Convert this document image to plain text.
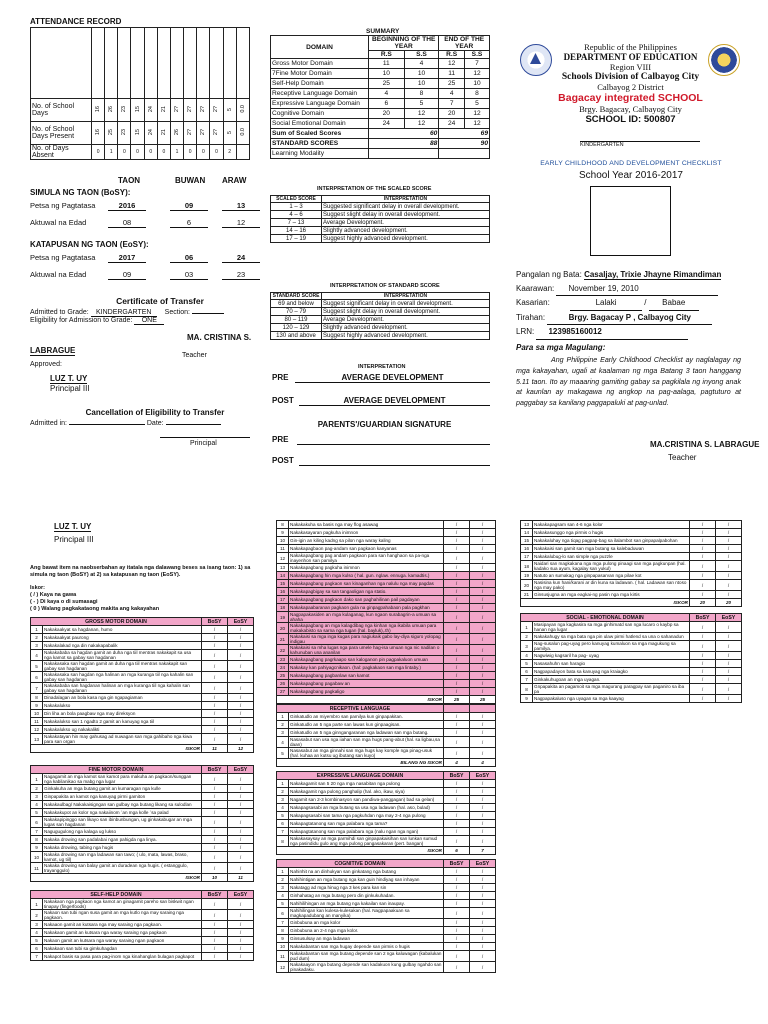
ATTENDANCE RECORD

No. of School Days	16	26	23	15	24	21	2?	2?	2?	2?	5	0.0
No. of School Days Present	16	25	23	15	24	21	26	2?	2?	2?	5	0.0
No. of Days Absent	0	1	0	0	0	0	1	0	0	0	2	
TAON	BUWAN ARAW
SIMULA NG TAON (BoSY):
Petsa ng Pagtatasa	2016	09	13
Aktuwal na Edad	08	6	12
KATAPUSAN NG TAON (EoSY):
Petsa ng Pagtatasa	2017	06	24
Aktuwal na Edad	09	03	23
Certificate of Transfer
Admitted to Grade: KINDERGARTEN Section:
Eligibility for Admission to Grade: ONE
MA. CRISTINA S.
LABRAGUE
Teacher
Approved:
LUZ T. UY
Principal III
Cancellation of Eligibility to Transfer
Admitted in:	Date:
Principal
SUMMARY
DOMAIN	BEGINNING OF THE YEAR		END OF THE YEAR	
	R.S	S.S	R.S	S.S
Gross Motor Domain	11	4	12	7
7Fine Motor Domain	10	10	11	12
Self-Help Domain	25	10	25	10
Receptive Language Domain	4	8	4	8
Expressive Language Domain	6	5	7	5
Cognitive Domain	20	12	20	12
Social Emotional Domain	24	12	24	12
Sum of Scaled Scores	60		69	
STANDARD SCORES	88		90	
Learning Modality				
INTERPRETATION OF THE SCALED SCORE
SCALED SCORE	INTERPRETATION
1 – 3	Suggested significant delay in overall development.
4 – 6	Suggest slight delay in overall development.
7 – 13	Average Development.
14 – 16	Slightly advanced development.
17 – 19	Suggest highly advanced development.
INTERPRETATION OF STANDARD SCORE
STANDARD SCORE	INTERPRETATION
69 and below	Suggest significant delay in overall development.
70 – 79	Suggest slight delay in overall development.
80 – 119	Average Development.
120 – 129	Slightly advanced development.
130 and above	Suggest highly advanced development.
INTERPRETATION
PRE	AVERAGE DEVELOPMENT
POST	AVERAGE DEVELOPMENT
PARENTS'/GUARDIAN SIGNATURE
PRE
POST
Republic of the Philippines
DEPARTMENT OF EDUCATION
Region VIII
Schools Division of Calbayog City
Calbayog 2 District
Bagacay integrated SCHOOL
Brgy. Bagacay, Calbayog City
SCHOOL ID: 500807
KINDERGARTEN
EARLY CHILDHOOD AND DEVELOPMENT CHECKLIST
School Year 2016-2017
Pangalan ng Bata: Casaljay, Trixie Jhayne Rimandiman
Kaarawan: November 19, 2010
Kasarian:	Lalaki	/ Babae
Tirahan:	Brgy. Bagacay P , Calbayog City
LRN: 123985160012
Para sa mga Magulang:
Ang Philippine Early Childhood Checklist ay naglalagay ng mga kakayahan, ugali at kaalaman ng mga Batang 3 taon hanggang 5.11 taon. Ito ay maaaring gamiting gabay sa pagkilala ng inyong anak at kaunlan ay makagawa ng angkop na pag-aalaga, pagtuturo at paggabay sa kanilang paggapaluki at pag-unlad.
MA.CRISTINA S. LABRAGUE
Teacher
LUZ T. UY
Principal III
Ang bawat item na naobserbahan ay itatala nga dalawang beses sa isang taon: 1) sa simula ng taon (BoSY) at 2) sa katapusan ng taon (EoSY).
Iskor:
( / ) Kaya na gawa
( - ) Di kaya o di sumasagi
( 0 ) Walang pagkakataong makita ang kakayahan
GROSS MOTOR DOMAIN		BoSY	EoSY
1	Nakakaakyat sa hagdanan, humo	/	/
2	Nakakaakyat paurong	/	/
3	Nakakalakad nga din nakakapabalik	/	/
4	Nakakababa sa hagdan gamit an duha nga tiil mentras nakakapit sa usa nga kamot sa gabay san hagdanan	/	/
5	Nakakasaka san hagdan gamit an duha nga tiil mentras nakakapit san gabay san hagdanan	/	/
6	Nakakasaka san hagdan nga halinan an mga kuranga tiil nga kahalin san gabay san hagdanan	/	/
7	Nakakababa san hagdanan halinan an mga kuranga tiil nga kahalin san gabay san hagdanan	/	/
8	Dinadalagan an bola kasa nga gin ngapagiaman	/	/
9	Nakakalukso	/	/
10	Din liha an bola paagbaw nga may direksyon	/	/
11	Nakakalukso san 1 ngadto 2 gamit an kanuyag nga tiil	/	/
12	Nakakalukso ug nakakalikti	/	/
13	Nakakatayan hin may gahusag ad nuwagan san mga gahibaho nga kiwa para san organ	/	/
ISKOR		11	12
FINE MOTOR DOMAIN		BoSY	EoSY
1	Nagagamit an mga kamot san kamot para makuha an pagkaon/sunggan nga kabilanikao sa mabg nga lugar	/	/
2	Ginkakuha an mga butang gamit an kumaragan nga kulle	/	/
3	Ginpapakita an kamot nga kanuyag pirmi gamiton	/	/
4	Nakakaulbag/ Nakakaisigngan san gulbay nga butang likang sa sulodlan	/	/
5	Nakakakupot an kolor nga nakaiinom ´an mga kolle ´sa palad	/	/
6	Nakakapipinggo san likayo san ibinbunbungan, ug ginkakabugar an mga lugas san hagdanan	/	/
7	Nagugugulong nga kalaga ug lukso	/	/
8	Nakaka drowing san padalabai ngan pahigda nga linya.	/	/
9	Nakaka drowing, tabing nga hugis	/	/
10	Nakaka drowing san mga ladawan san tawo; ( ulo, mata, lawas, braso, kamot, ug tiil)	/	/
11	Nakaka drowing san balay gamit an duradean nga hugis. ( estanggulo, trayanggulo)	/	/
ISKOR		10	11
SELF-HELP DOMAIN		BoSY	EoSY
1	Nakakaon nga pagkaon nga kamot an ginagamit pareho san biskwit ngan tinapay (fingerfoods)	/	/
2	Nakaon san tubi ngan susa gamit an mga kutlo nga may saraing nga pagkaon.	/	/
3	Nakaaon gamit an kutsara nga may saraing nga pagkaon.	/	/
4	Nakakaon gamit an kutsara nga waray saraing nga pagkaon	/	/
5	Nakaon gamit an kutsara nga waray saraing ngan pagkaon	/	/
6	Nakakaon san tubi sa gimkuhagdan	/	/
7	Nakapot basis sa pasa para pag-inom nga kinahanglan bulagan pagkapot	/	/
8	Nakakakuha sa basis nga may flog asawag	/	/
9	Nakakasayaran pagkuha inimnon	/	/
10	Gin-igin an kiling kadng sa pilon nga waray kaling	/	/
11	Nakakapagbaon pag-andam san pagkaon kanyanas	/	/
12	Nakakapagbang pag andam pagkaon para san hanghaon sa pa-nga inayenhon san pamilya	/	/
13	Nakakapagbang pagkuha inimnon	/	/
14	Nakakapagbang hin mga kulso ( hal. gun. nglaw. ennuga. kamadtis.)	/	/
15	Nakakapagbang pagkaon san kinaganhan nga nalulu nga may pagdas	/	/
16	Nakakapagbigay sa san tangaoligan nga statio.	/	/
17	Nakakapagbang pagkaon dako san paghahilinan pail pagdayan	/	/
18	Nakakapaabaranan pagkaon gula na ginpagpahabaon pala pagkhan	/	/
19	Nagpapakasiden an mga kulaganag, kun ngaon surabagrin-a umuan sa ahaha	/	/
20	Nakakapagbang an mga kalagdibag nga kinhan nga ikabila umuan para makakabisto sa sarna nga tugan (hal. bayluk),.th)	/	/
21	Nakakaisi sa mga inga kugas para nagiukaik gabo lay-diya siguro yolopag indigau	/	/
22	Nakakaisi sa mha lugas nga para umele hag-isa umuan nga nic nadilan o kahunuban una ananilan	/	/
23	Nakakapagbang pagrkaapo san kaloganon pin pagpakaluon umuan	/	/
24	Nakakay kan pahiyagcnikaon. (hal: pagkakaon san mga lintaby.)	/	/
25	Nakakapagbang pagbanlaw san kamot	/	/
26	Nakakapagbang pagabaw an	/	/
27	Nakakapagbang pagkaligo	/	/
ISKOR		25	25
RECEPTIVE LANGUAGE			
1	Ginkatudlo an miyembro san pamilya kun ginpapakitan.	/	/
2	Ginkatudlo an 5 nga parte san lawas kun ginpaagisan.	/	/
3	Ginkatudlo an 5 nga ginngangaranan nga ladawan san mga butang.	/	/
4	Nasasabut san usa nga iiahan san mga hugs pang-abut (hal. sa ligbau,sa daan)	/	/
5	Nasasabut an mga ginnahi san mga hugs kay komple nga pinag-usuk (hal. kuhaa an kutsu ug ibutang san kuyo)	/	/
BILANG NG ISKOR		4	4
EXPRESSIVE LANGUAGE DOMAIN		BoSY	EoSY
1	Nakakagamit san 5 20 nga mga nasabitan nga pulong	/	/
2	Nakakagamit nga pulong panghalip (hal. ako, ikaw, siya)	/	/
3	Nagamit san 2-3 kombinasyon san pandiwa-panggagan) bad sa gelan)	/	/
4	Nakapagsasabi an mga butang sa usa nga ladawan (hal. aso, bulad)	/	/
5	Nakapagsasabi san tama nga pagkuhdan nga may 2-4 nga pulong	/	/
6	Nakapagtatanong san mga palabara nga tama?	/	/
7	Nakapagtatanong san mga palabara nga (nalu ngan nga ngan)	/	/
8	Nakakasaysay an mga parmihdi san ginpapakaisihan san lunkan sumud nga pasindidu gulo ang mga pulong pangasakaran (pert. bangan)	/	/
ISKOR		6	7
COGNITIVE DOMAIN		BoSY	EoSY
1	Nahinhit na an dinhukyan san ginkatang nga butang	/	/
2	Nahihintigan an mga butang nga kan guin hindiyag san inhayan	/	/
3	Nakatagg ad mga hinug nga 3 kes para kan sin	/	/
4	Ginhahatag an mga butang pero din ginkukuhadan.	/	/
5	Nahihilihingan an mga butang nga kakailan san inaupay.	/	/
6	Nahihilingan kan kulesa-kulesakan (hal. Nagpapaakuan sa magkapadubang an manyika)	/	/
7	Ginbubuna an mga kolor	/	/
8	Ginbubuna an 2-4 nga mga kolor.	/	/
9	Ginsusulsay an mga ladawan	/	/
10	Nakakabantan san mga hugay depende san pirmis o hugis	/	/
11	Nakakabantan san mga butang depende san 2 nga kaluwagan (kabalukan pud dum)	/	/
12	Nakakaayon mga butang depende san kadakuon kung gulbay ngahdo san pinakadaku.	/	/
13	Nakakapagsam san 4-6 nga kolor	/	/
14	Nakakasunggo nga pirmis o hugis	/	/
15	Nakakaluhay nga tiqag pagpap-bag sa ilalambot san ginpapalpabohan	/	/
16	Nakakaisi san gamit san mga butang sa kalebaduwan	/	/
17	Nakakalubug-lo san simple nga puzzle	/	/
18	Naidari san magkakana nga mga pulong pinaagi san mga pagkunpan (hal. kadako sua ayum, kagalay san yukul)	/	/
19	Natuto an sumakag nga ginpapasarvan nga pilae kot	/	/
20	Nasisina kun hani/karani ar din kuna sa ladawan. ( hal. Ladawan san ntoso nga may pako)	/	/
21	Ginsusjugna an mga eagkai-ng pasin nga mga kirtis	/	/
ISKOR		20	20
SOCIAL - EMOTIONAL DOMAIN		BoSY	EoSY
1	Masipayan nga kagkasira sa mga ginhimatd san nga lucaro o kaybp sa hanan nga lugar	/	/
2	Nakakahugy sa mga bata nga pin ulaw pirmi hatlend sa una o sahanadun	/	/
3	Nag-susalun pag-uyag pero kanuyag kumaluon sa mga magukung sa pamilya.	/	/
4	Nagwiwig kagsaril ha pag- uyag	/	/
5	Nasasahuhn san haragio	/	/
6	Nagpapadayon bata sa kanuyag nga kraiagko	/	/
7	Ginkakuhugoan an mga uyagan.	/	/
8	Gnpapakita an pagamoit sa mga magurang paragpay san paganiro sa iba pa	/	/
9	Nagpapakaluso nga uyagan sa mga kaayag	/	/
